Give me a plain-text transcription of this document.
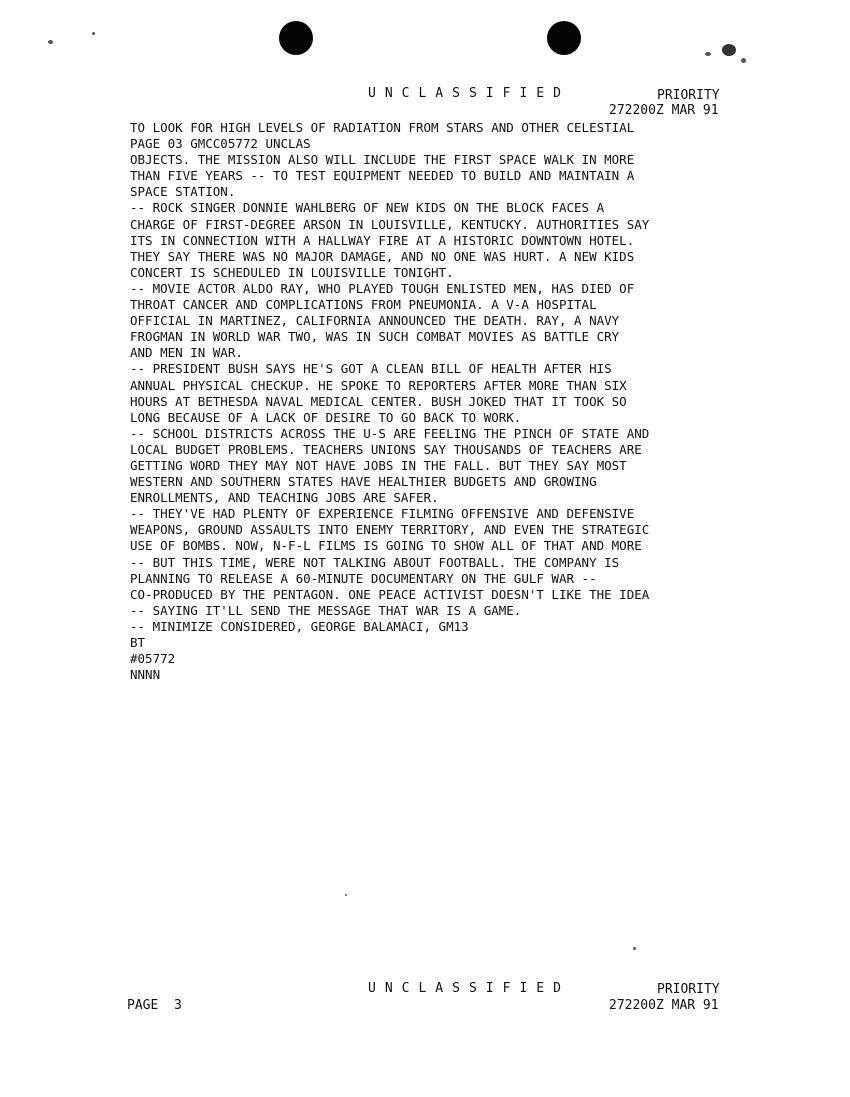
UNCLASSIFIED	PRIORITY
272200Z MAR 91
TO LOOK FOR HIGH LEVELS OF RADIATION FROM STARS AND OTHER CELESTIAL
PAGE 03 GMCC05772 UNCLAS
OBJECTS. THE MISSION ALSO WILL INCLUDE THE FIRST SPACE WALK IN MORE
THAN FIVE YEARS -- TO TEST EQUIPMENT NEEDED TO BUILD AND MAINTAIN A
SPACE STATION.
-- ROCK SINGER DONNIE WAHLBERG OF NEW KIDS ON THE BLOCK FACES A
CHARGE OF FIRST-DEGREE ARSON IN LOUISVILLE, KENTUCKY. AUTHORITIES SAY
ITS IN CONNECTION WITH A HALLWAY FIRE AT A HISTORIC DOWNTOWN HOTEL.
THEY SAY THERE WAS NO MAJOR DAMAGE, AND NO ONE WAS HURT. A NEW KIDS
CONCERT IS SCHEDULED IN LOUISVILLE TONIGHT.
-- MOVIE ACTOR ALDO RAY, WHO PLAYED TOUGH ENLISTED MEN, HAS DIED OF
THROAT CANCER AND COMPLICATIONS FROM PNEUMONIA. A V-A HOSPITAL
OFFICIAL IN MARTINEZ, CALIFORNIA ANNOUNCED THE DEATH. RAY, A NAVY
FROGMAN IN WORLD WAR TWO, WAS IN SUCH COMBAT MOVIES AS BATTLE CRY
AND MEN IN WAR.
-- PRESIDENT BUSH SAYS HE'S GOT A CLEAN BILL OF HEALTH AFTER HIS
ANNUAL PHYSICAL CHECKUP. HE SPOKE TO REPORTERS AFTER MORE THAN SIX
HOURS AT BETHESDA NAVAL MEDICAL CENTER. BUSH JOKED THAT IT TOOK SO
LONG BECAUSE OF A LACK OF DESIRE TO GO BACK TO WORK.
-- SCHOOL DISTRICTS ACROSS THE U-S ARE FEELING THE PINCH OF STATE AND
LOCAL BUDGET PROBLEMS. TEACHERS UNIONS SAY THOUSANDS OF TEACHERS ARE
GETTING WORD THEY MAY NOT HAVE JOBS IN THE FALL. BUT THEY SAY MOST
WESTERN AND SOUTHERN STATES HAVE HEALTHIER BUDGETS AND GROWING
ENROLLMENTS, AND TEACHING JOBS ARE SAFER.
-- THEY'VE HAD PLENTY OF EXPERIENCE FILMING OFFENSIVE AND DEFENSIVE
WEAPONS, GROUND ASSAULTS INTO ENEMY TERRITORY, AND EVEN THE STRATEGIC
USE OF BOMBS. NOW, N-F-L FILMS IS GOING TO SHOW ALL OF THAT AND MORE
-- BUT THIS TIME, WERE NOT TALKING ABOUT FOOTBALL. THE COMPANY IS
PLANNING TO RELEASE A 60-MINUTE DOCUMENTARY ON THE GULF WAR --
CO-PRODUCED BY THE PENTAGON. ONE PEACE ACTIVIST DOESN'T LIKE THE IDEA
-- SAYING IT'LL SEND THE MESSAGE THAT WAR IS A GAME.
-- MINIMIZE CONSIDERED, GEORGE BALAMACI, GM13
BT
#05772
NNNN
UNCLASSIFIED	PRIORITY
PAGE  3	272200Z MAR 91
